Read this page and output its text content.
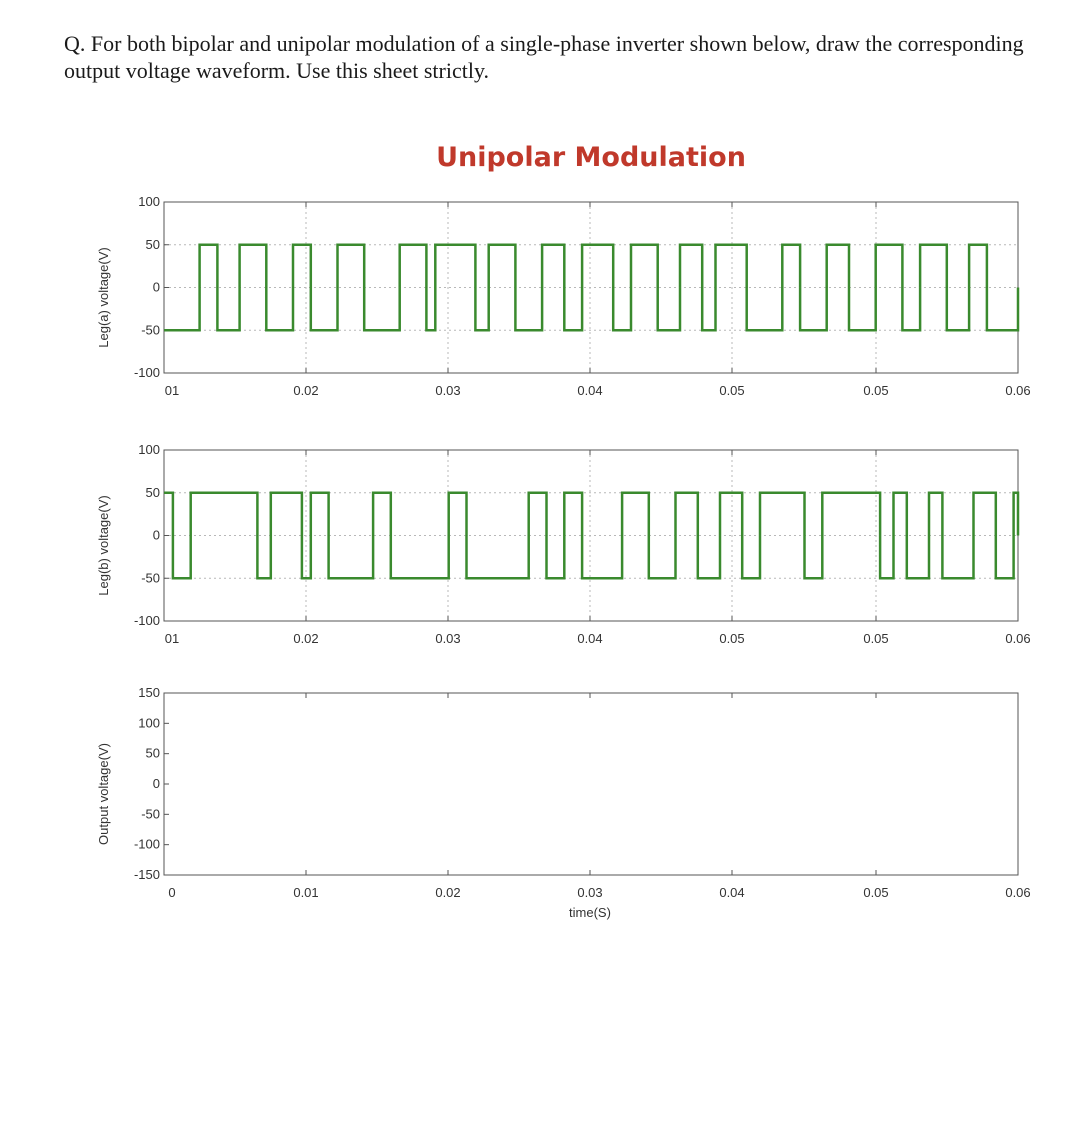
Q. For both bipolar and unipolar modulation of a single-phase inverter shown below, draw the corresponding output voltage waveform. Use this sheet strictly.

Unipolar Modulation
100
50
0
-50
-100
01	0.02	0.03	0.04	0.05	0.05	0.06
Leg(a) voltage(V)
100
50
0
-50
-100
01	0.02	0.03	0.04	0.05	0.05	0.06
Leg(b) voltage(V)
150
100
50
0
-50
-100
-150
0	0.01	0.02	0.03	0.04	0.05	0.06
Output voltage(V)
time(S)
